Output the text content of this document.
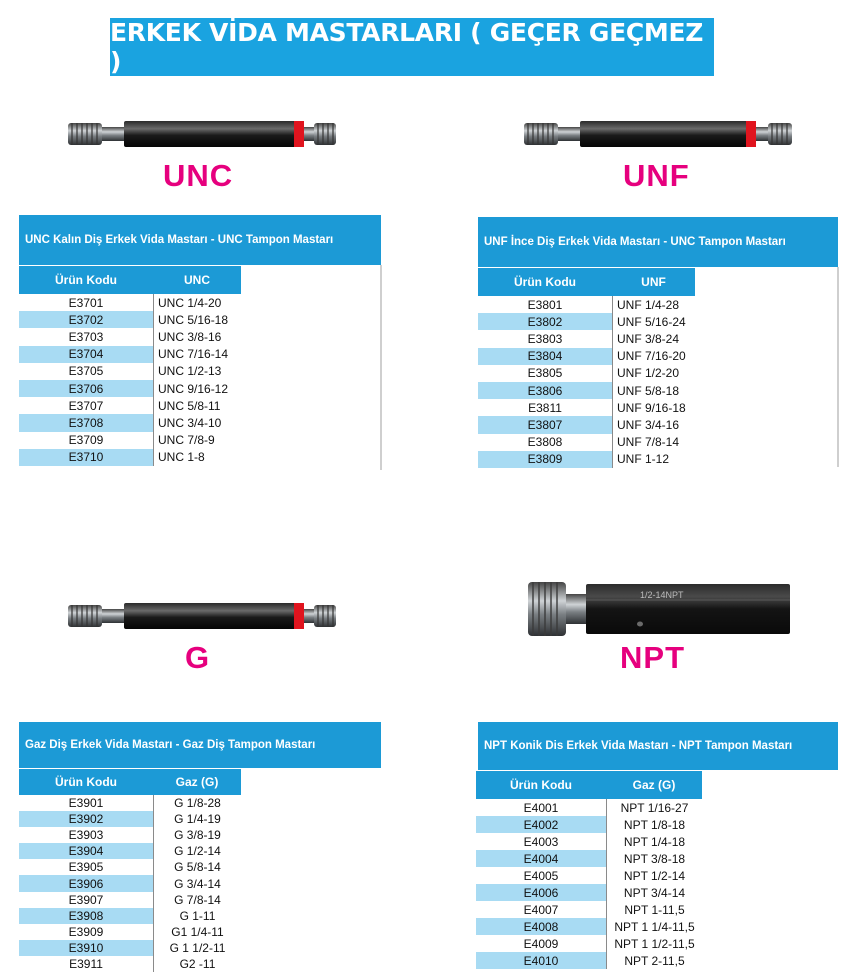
ERKEK VİDA MASTARLARI ( GEÇER GEÇMEZ )
UNC	UNF
UNC Kalın Diş Erkek Vida Mastarı - UNC Tampon Mastarı
Ürün Kodu	UNC
E3701	UNC 1/4-20
E3702	UNC 5/16-18
E3703	UNC 3/8-16
E3704	UNC 7/16-14
E3705	UNC 1/2-13
E3706	UNC 9/16-12
E3707	UNC 5/8-11
E3708	UNC 3/4-10
E3709	UNC 7/8-9
E3710	UNC 1-8
UNF İnce Diş Erkek Vida Mastarı - UNC Tampon Mastarı
Ürün Kodu	UNF
E3801	UNF 1/4-28
E3802	UNF 5/16-24
E3803	UNF 3/8-24
E3804	UNF 7/16-20
E3805	UNF 1/2-20
E3806	UNF 5/8-18
E3811	UNF 9/16-18
E3807	UNF 3/4-16
E3808	UNF 7/8-14
E3809	UNF 1-12
G
1/2-14NPT
NPT
Gaz Diş Erkek Vida Mastarı - Gaz Diş Tampon Mastarı
Ürün Kodu	Gaz (G)
E3901	G 1/8-28
E3902	G 1/4-19
E3903	G 3/8-19
E3904	G 1/2-14
E3905	G 5/8-14
E3906	G 3/4-14
E3907	G 7/8-14
E3908	G 1-11
E3909	G1 1/4-11
E3910	G 1 1/2-11
E3911	G2 -11
NPT Konik Dis Erkek Vida Mastarı - NPT Tampon Mastarı
Ürün Kodu	Gaz (G)
E4001	NPT 1/16-27
E4002	NPT 1/8-18
E4003	NPT 1/4-18
E4004	NPT 3/8-18
E4005	NPT 1/2-14
E4006	NPT 3/4-14
E4007	NPT 1-11,5
E4008	NPT 1 1/4-11,5
E4009	NPT 1 1/2-11,5
E4010	NPT 2-11,5
